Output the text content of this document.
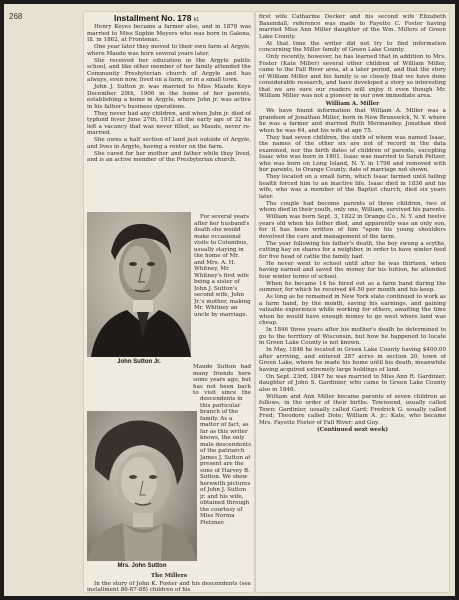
268	Installment No. 178 k1

Henry Keyes became a farmer also, and in 1878 was married to Miss Sophie Meyers who was born in Galena, Ill. in 1862, at Frontenac.

One year later they moved to their own farm at Argyle, where Maude was born several years later.

She received her education in the Argyle public school, and like other member of her family attended the Community Presbyterian church of Argyle and has always, even now, lived on a farm, or in a small town.

John J. Sutton jr. was married to Miss Maude Keye December 20th, 1906 in the home of her parents, establishing a home in Argyle, where John jr. was active in his father's business operations.

They never had any children, and when John jr. died of typhoid fever June 27th, 1912 at the early age of 32 he left a vacancy that was never filled, as Maude, never re-married.

She owns a half section of land just outside of Argyle, and lives in Argyle, having a renter on the farm.

She cared for her mother and father while they lived, and is an active member of the Presbyterian church.

For several years after her husband's death she would make occasional visits to Columbus, usually staying in the home of Mr. and Mrs. A. H. Whitney, Mr. Whitney's first wife being a sister of John J. Sutton's second wife, John Jr.'s mother, making Mr. Whitney an uncle by marriage.

John Sutton Jr.

Maude Sutton had many friends here some years ago, but has not been back to visit since the

descendents in this particular branch of the family. As a matter of fact, as far as this writer knows, the only male descendents of the patriarch James J. Sutton at present are the sons of Harvey B. Sutton. We show herewith pictures of John J. Sutton jr. and his wife, obtained through the courtesy of Miss Norma Pietzner.

Mrs. John Sutton

The Millers

In the story of John K. Foster and his descendents (see installment 86-87-88) children of his

first wife Catharine Decker and his second wife Elizabeth Baxendall, reference was made to Fayette C. Foster having married Miss Ann Miller daughter of the Wm. Millers of Green Lake County.

At that time the writer did not try to find information concerning the Miller family of Green Lake County.

Only recently, however, he has learned that in addition to Mrs. Foster (Kate Miller) several other children of William Miller, came to the Fall River area, at a later period, and that the story of William Miller and his family is so closely that we have done considerable research, and have developed a story so interesting that we are sure our readers will enjoy it even though Mr. William Miller was not a pioneer in our own immediate area.

William A. Miller

We have found information that William A. Miller was a grandson of Jonathan Miller, born in New Brunswick, N. Y. where he was a farmer and married Ruth Mermandey. Jonathan died when he was 64, and his wife at age 75.

They had seven children, the sixth of whom was named Isaac, the names of the other six are not of record in the data examined, nor the birth dates of children of parents, excepting Isaac who was born in 1801. Isaac was married to Sarah Peltzer, who was born on Long Island, N. Y. in 1796 and removed with her parents, to Orange County, date of marriage not shown.

They located on a small farm, which Isaac farmed until failing health forced him to an inactive life. Isaac died in 1836 and his wife, who was a member of the Baptist church, died six years later.

The couple had become parents of three children, two of whom died in their youth, only one, William, survived his parents.

William was born Sept. 3, 1822 in Orange Co., N. Y. and twelve years old when his father died, and apparently was an only son, for it has been written of him "upon his young shoulders devolved the care and management of the farm.

The year following his father's death, the boy swung a scythe, cutting hay on shares for a neighbor, in order to have winter feed for five head of cattle the family had.

He never went to school until after he was thirteen, when having earned and saved the money for his tuition, he attended four winter terms of school.

When he became 14 he hired out as a farm hand during the summer, for which he received $4.50 per month and his keep.

As long as he remained in New York state continued to work as a farm hand, by the month, saving his earnings, and gaining valuable experience while working for others, awaiting the time when he would have enough money to go west where land was cheap.

In 1846 three years after his mother's death he determined to go to the territory of Wisconsin, but how he happened to locate in Green Lake County is not known.

In May, 1846 he located in Green Lake County having $400.00 after arriving, and entered 287 acres in section 20, town of Green Lake, where he made his home until his death, meanwhile having acquired extremely large holdings of land.

On Sept. 23rd, 1847 he was married to Miss Ann R. Gardinier, daughter of John S. Gardinier, who came to Green Lake County also in 1846.

William and Ann Miller became parents of seven children as follows, in the order of their births. Townsend, usually called Town; Gardinier, usually called Gard; Fredrick G. usually called Fred; Theodore called Dote; William A. jr.; Kate, who became Mrs. Fayette Foster of Fall River; and Guy.

(Continued next week)
